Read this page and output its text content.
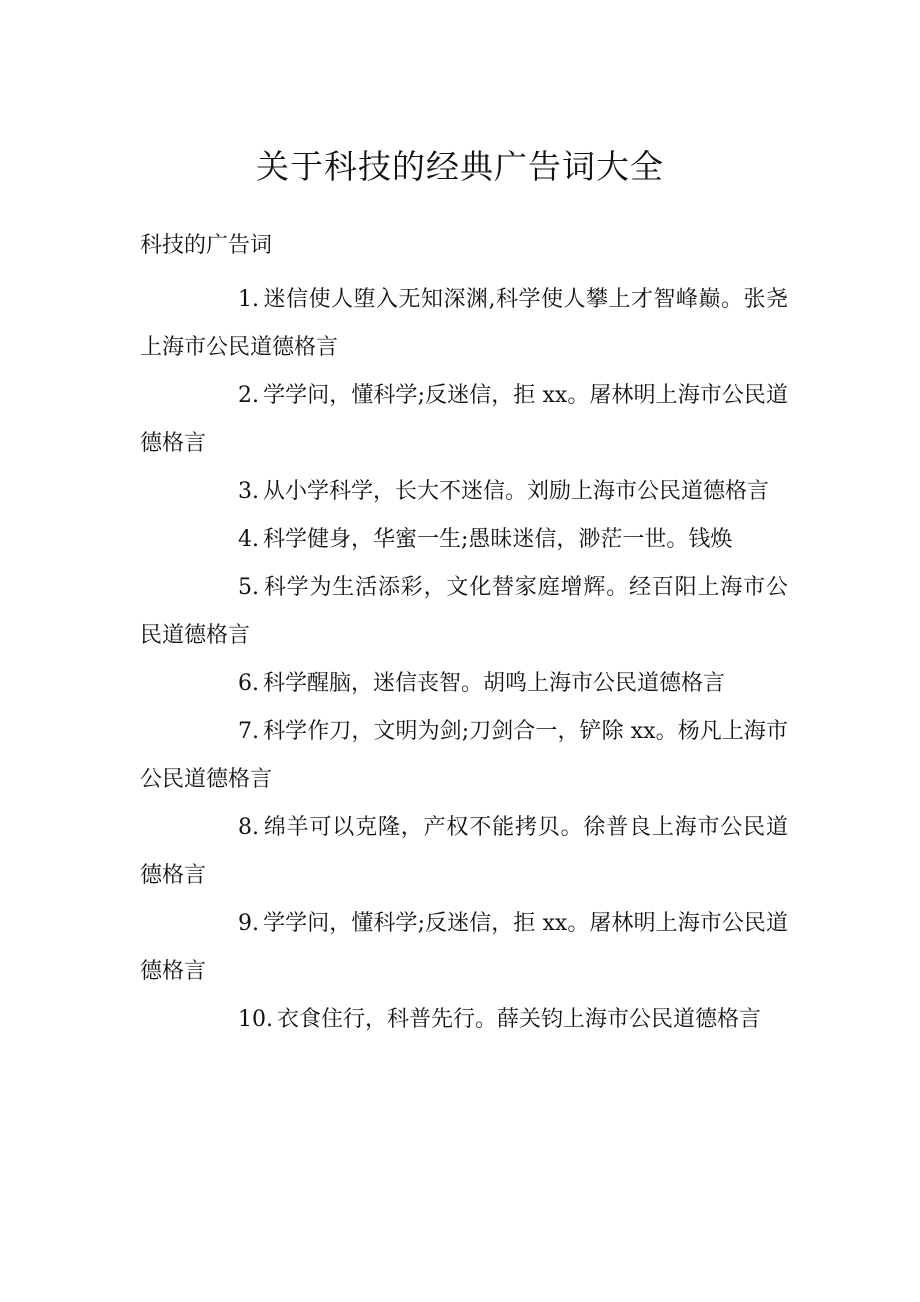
关于科技的经典广告词大全

科技的广告词

1. 迷信使人堕入无知深渊,科学使人攀上才智峰巅。张尧上海市公民道德格言
2. 学学问，懂科学;反迷信，拒 xx。屠林明上海市公民道德格言
3. 从小学科学，长大不迷信。刘励上海市公民道德格言
4. 科学健身，华蜜一生;愚昧迷信，渺茫一世。钱焕
5. 科学为生活添彩，文化替家庭增辉。经百阳上海市公民道德格言
6. 科学醒脑，迷信丧智。胡鸣上海市公民道德格言
7. 科学作刀，文明为剑;刀剑合一，铲除 xx。杨凡上海市公民道德格言
8. 绵羊可以克隆，产权不能拷贝。徐普良上海市公民道德格言
9. 学学问，懂科学;反迷信，拒 xx。屠林明上海市公民道德格言
10. 衣食住行，科普先行。薛关钧上海市公民道德格言
